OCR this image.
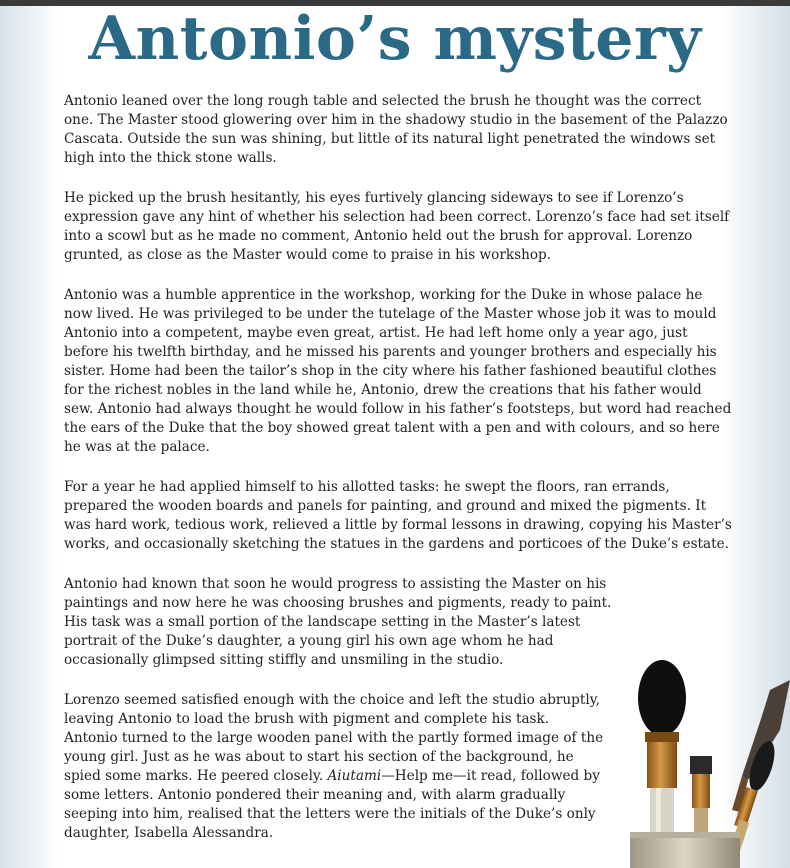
Antonio’s mystery

Antonio leaned over the long rough table and selected the brush he thought was the correct one. The Master stood glowering over him in the shadowy studio in the basement of the Palazzo Cascata. Outside the sun was shining, but little of its natural light penetrated the windows set high into the thick stone walls.

He picked up the brush hesitantly, his eyes furtively glancing sideways to see if Lorenzo’s expression gave any hint of whether his selection had been correct. Lorenzo’s face had set itself into a scowl but as he made no comment, Antonio held out the brush for approval. Lorenzo grunted, as close as the Master would come to praise in his workshop.

Antonio was a humble apprentice in the workshop, working for the Duke in whose palace he now lived. He was privileged to be under the tutelage of the Master whose job it was to mould Antonio into a competent, maybe even great, artist. He had left home only a year ago, just before his twelfth birthday, and he missed his parents and younger brothers and especially his sister. Home had been the tailor’s shop in the city where his father fashioned beautiful clothes for the richest nobles in the land while he, Antonio, drew the creations that his father would sew. Antonio had always thought he would follow in his father’s footsteps, but word had reached the ears of the Duke that the boy showed great talent with a pen and with colours, and so here he was at the palace.

For a year he had applied himself to his allotted tasks: he swept the floors, ran errands, prepared the wooden boards and panels for painting, and ground and mixed the pigments. It was hard work, tedious work, relieved a little by formal lessons in drawing, copying his Master’s works, and occasionally sketching the statues in the gardens and porticoes of the Duke’s estate.

Antonio had known that soon he would progress to assisting the Master on his paintings and now here he was choosing brushes and pigments, ready to paint. His task was a small portion of the landscape setting in the Master’s latest portrait of the Duke’s daughter, a young girl his own age whom he had occasionally glimpsed sitting stiffly and unsmiling in the studio.

Lorenzo seemed satisfied enough with the choice and left the studio abruptly, leaving Antonio to load the brush with pigment and complete his task. Antonio turned to the large wooden panel with the partly formed image of the young girl. Just as he was about to start his section of the background, he spied some marks. He peered closely. Aiutami—Help me—it read, followed by some letters. Antonio pondered their meaning and, with alarm gradually seeping into him, realised that the letters were the initials of the Duke’s only daughter, Isabella Alessandra.
